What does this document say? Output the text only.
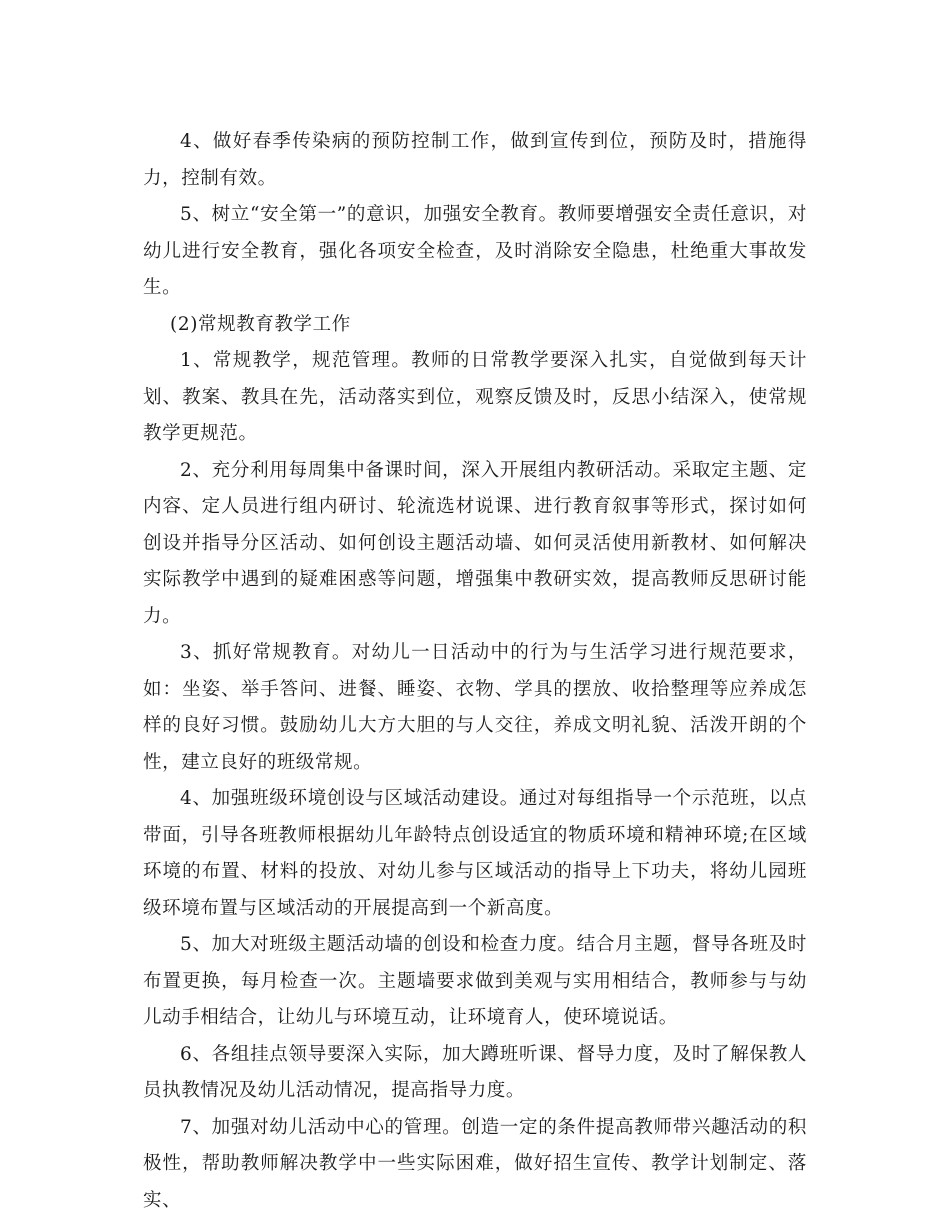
4、做好春季传染病的预防控制工作，做到宣传到位，预防及时，措施得力，控制有效。

5、树立“安全第一”的意识，加强安全教育。教师要增强安全责任意识，对幼儿进行安全教育，强化各项安全检查，及时消除安全隐患，杜绝重大事故发生。

(2)常规教育教学工作

1、常规教学，规范管理。教师的日常教学要深入扎实，自觉做到每天计划、教案、教具在先，活动落实到位，观察反馈及时，反思小结深入，使常规教学更规范。

2、充分利用每周集中备课时间，深入开展组内教研活动。采取定主题、定内容、定人员进行组内研讨、轮流选材说课、进行教育叙事等形式，探讨如何创设并指导分区活动、如何创设主题活动墙、如何灵活使用新教材、如何解决实际教学中遇到的疑难困惑等问题，增强集中教研实效，提高教师反思研讨能力。

3、抓好常规教育。对幼儿一日活动中的行为与生活学习进行规范要求，如：坐姿、举手答问、进餐、睡姿、衣物、学具的摆放、收拾整理等应养成怎样的良好习惯。鼓励幼儿大方大胆的与人交往，养成文明礼貌、活泼开朗的个性，建立良好的班级常规。

4、加强班级环境创设与区域活动建设。通过对每组指导一个示范班，以点带面，引导各班教师根据幼儿年龄特点创设适宜的物质环境和精神环境;在区域环境的布置、材料的投放、对幼儿参与区域活动的指导上下功夫，将幼儿园班级环境布置与区域活动的开展提高到一个新高度。

5、加大对班级主题活动墙的创设和检查力度。结合月主题，督导各班及时布置更换，每月检查一次。主题墙要求做到美观与实用相结合，教师参与与幼儿动手相结合，让幼儿与环境互动，让环境育人，使环境说话。

6、各组挂点领导要深入实际，加大蹲班听课、督导力度，及时了解保教人员执教情况及幼儿活动情况，提高指导力度。

7、加强对幼儿活动中心的管理。创造一定的条件提高教师带兴趣活动的积极性，帮助教师解决教学中一些实际困难，做好招生宣传、教学计划制定、落实、
